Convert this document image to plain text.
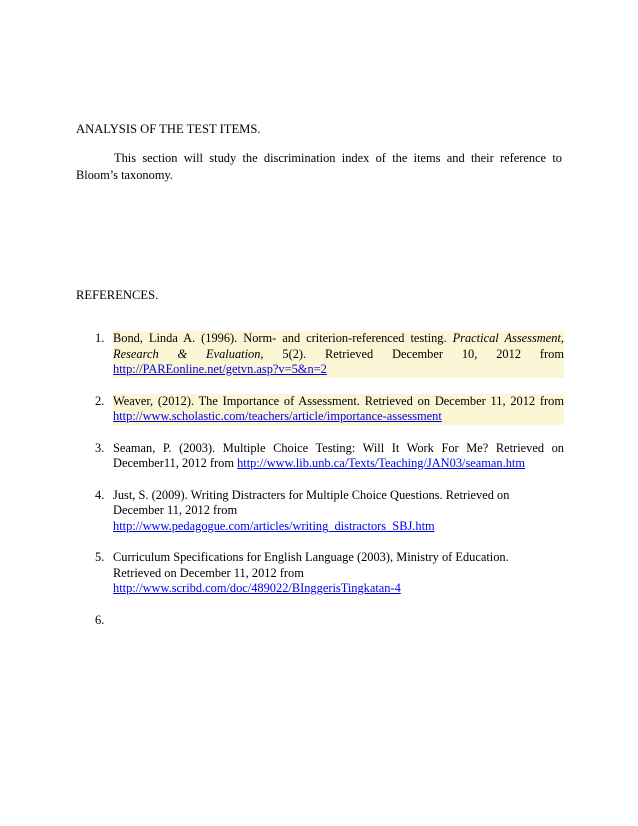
ANALYSIS OF THE TEST ITEMS.
This section will study the discrimination index of the items and their reference to Bloom’s taxonomy.
REFERENCES.
1. Bond, Linda A. (1996). Norm- and criterion-referenced testing. Practical Assessment,
Research & Evaluation, 5(2). Retrieved December 10, 2012 from
http://PAREonline.net/getvn.asp?v=5&n=2
2. Weaver, (2012). The Importance of Assessment. Retrieved on December 11, 2012 from
http://www.scholastic.com/teachers/article/importance-assessment
3. Seaman, P. (2003). Multiple Choice Testing: Will It Work For Me? Retrieved on
December11, 2012 from http://www.lib.unb.ca/Texts/Teaching/JAN03/seaman.htm
4. Just, S. (2009). Writing Distracters for Multiple Choice Questions. Retrieved on
December 11, 2012 from
http://www.pedagogue.com/articles/writing_distractors_SBJ.htm
5. Curriculum Specifications for English Language (2003), Ministry of Education.
Retrieved on December 11, 2012 from
http://www.scribd.com/doc/489022/BInggerisTingkatan-4
6.
